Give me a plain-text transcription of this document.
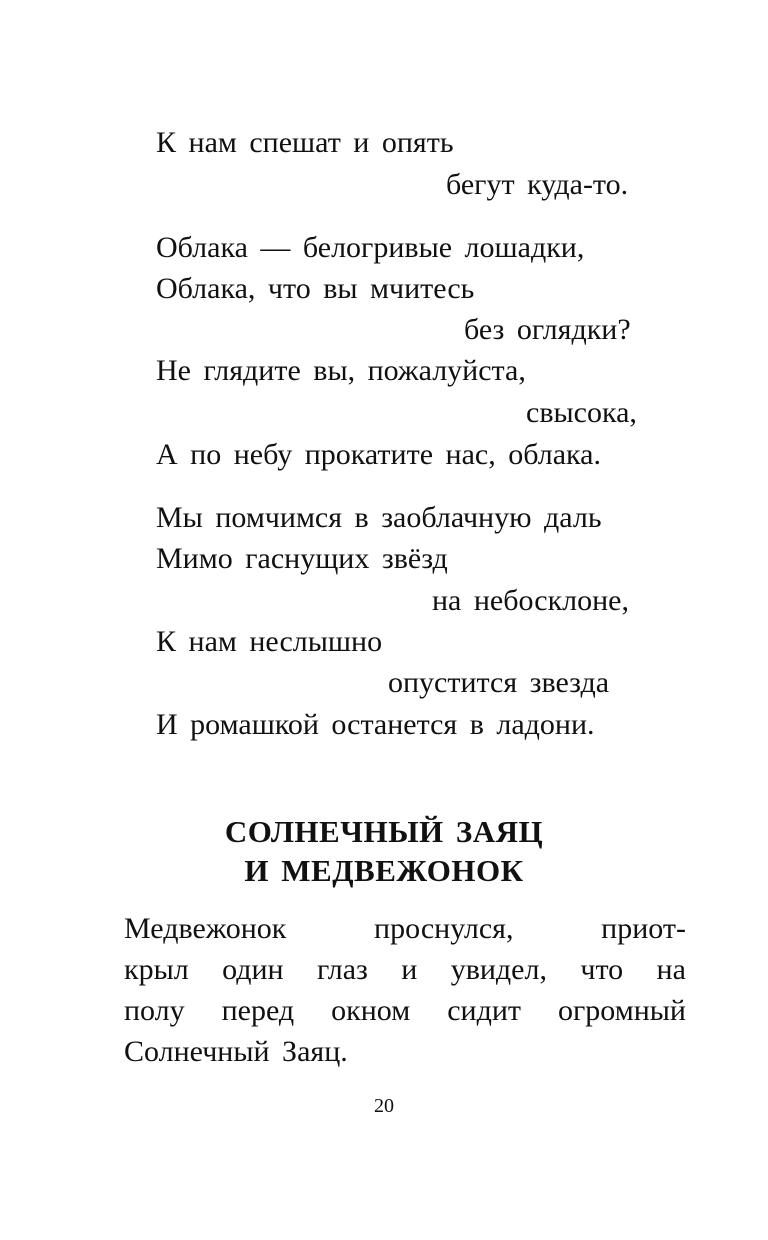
К нам спешат и опять
бегут куда-то.
Облака — белогривые лошадки,
Облака, что вы мчитесь
без оглядки?
Не глядите вы, пожалуйста,
свысока,
А по небу прокатите нас, облака.
Мы помчимся в заоблачную даль
Мимо гаснущих звёзд
на небосклоне,
К нам неслышно
опустится звезда
И ромашкой останется в ладони.
СОЛНЕЧНЫЙ ЗАЯЦ
И МЕДВЕЖОНОК
Медвежонок	проснулся,	приот-
крыл один глаз и увидел, что на
полу перед окном сидит огромный
Солнечный Заяц.
20
